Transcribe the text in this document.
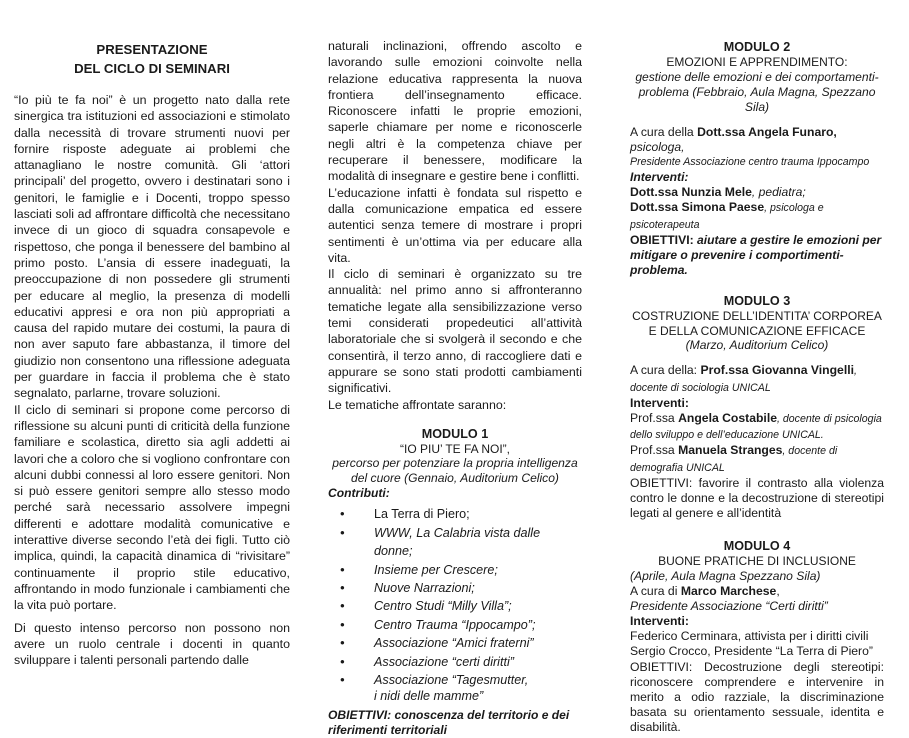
PRESENTAZIONE
DEL CICLO DI SEMINARI

“Io più te fa noi” è un progetto nato dalla rete sinergica tra istituzioni ed associazioni e stimolato dalla necessità di trovare strumenti nuovi per fornire risposte adeguate ai problemi che attanagliano le nostre comunità. Gli ‘attori principali’ del progetto, ovvero i destinatari sono i genitori, le famiglie e i Docenti, troppo spesso lasciati soli ad affrontare difficoltà che necessitano invece di un gioco di squadra consapevole e rispettoso, che ponga il benessere del bambino al primo posto. L’ansia di essere inadeguati, la preoccupazione di non possedere gli strumenti per educare al meglio, la presenza di modelli educativi appresi e ora non più appropriati a causa del rapido mutare dei costumi, la paura di non aver saputo fare abbastanza, il timore del giudizio non consentono una riflessione adeguata per guardare in faccia il problema che è stato segnalato, parlarne, trovare soluzioni.

Il ciclo di seminari si propone come percorso di riflessione su alcuni punti di criticità della funzione familiare e scolastica, diretto sia agli addetti ai lavori che a coloro che si vogliono confrontare con alcuni dubbi connessi al loro essere genitori. Non si può essere genitori sempre allo stesso modo perché sarà necessario assolvere impegni differenti e adottare modalità comunicative e interattive diverse secondo l’età dei figli. Tutto ciò implica, quindi, la capacità dinamica di “rivisitare” continuamente il proprio stile educativo, affrontando in modo funzionale i cambiamenti che la vita può portare.

Di questo intenso percorso non possono non avere un ruolo centrale i docenti in quanto sviluppare i talenti personali partendo dalle

naturali inclinazioni, offrendo ascolto e lavorando sulle emozioni coinvolte nella relazione educativa rappresenta la nuova frontiera dell’insegnamento efficace. Riconoscere infatti le proprie emozioni, saperle chiamare per nome e riconoscerle negli altri è la competenza chiave per recuperare il benessere, modificare la modalità di insegnare e gestire bene i conflitti.

L’educazione infatti è fondata sul rispetto e dalla comunicazione empatica ed essere autentici senza temere di mostrare i propri sentimenti è un’ottima via per educare alla vita.

Il ciclo di seminari è organizzato su tre annualità: nel primo anno si affronteranno tematiche legate alla sensibilizzazione verso temi considerati propedeutici all’attività laboratoriale che si svolgerà il secondo e che consentirà, il terzo anno, di raccogliere dati e appurare se sono stati prodotti cambiamenti significativi.

Le tematiche affrontate saranno:

MODULO 1
“IO PIU’ TE FA NOI”,
percorso per potenziare la propria intelligenza del cuore (Gennaio, Auditorium Celico)
Contributi:
• La Terra di Piero;
• WWW, La Calabria vista dalle donne;
• Insieme per Crescere;
• Nuove Narrazioni;
• Centro Studi “Milly Villa”;
• Centro Trauma “Ippocampo”;
• Associazione “Amici fraterni”
• Associazione “certi diritti”
• Associazione “Tagesmutter,
i nidi delle mamme”
OBIETTIVI: conoscenza del territorio e dei riferimenti territoriali
MODULO 2
EMOZIONI E APPRENDIMENTO:
gestione delle emozioni e dei comportamenti-problema (Febbraio, Aula Magna, Spezzano Sila)
A cura della Dott.ssa Angela Funaro, psicologa,
Presidente Associazione centro trauma Ippocampo
Interventi:
Dott.ssa Nunzia Mele, pediatra;
Dott.ssa Simona Paese, psicologa e psicoterapeuta
OBIETTIVI: aiutare a gestire le emozioni per mitigare o prevenire i comportimenti-problema.
MODULO 3
COSTRUZIONE DELL’IDENTITA’ CORPOREA
E DELLA COMUNICAZIONE EFFICACE
(Marzo, Auditorium Celico)
A cura della: Prof.ssa Giovanna Vingelli, docente di sociologia UNICAL
Interventi:
Prof.ssa Angela Costabile, docente di psicologia dello sviluppo e dell’educazione UNICAL.
Prof.ssa Manuela Stranges, docente di demografia UNICAL
OBIETTIVI: favorire il contrasto alla violenza contro le donne e la decostruzione di stereotipi legati al genere e all’identità
MODULO 4
BUONE PRATICHE DI INCLUSIONE
(Aprile, Aula Magna Spezzano Sila)
A cura di Marco Marchese,
Presidente Associazione “Certi diritti”
Interventi:
Federico Cerminara, attivista per i diritti civili
Sergio Crocco, Presidente “La Terra di Piero”
OBIETTIVI: Decostruzione degli stereotipi: riconoscere comprendere e intervenire in merito a odio razziale, la discriminazione basata su orientamento sessuale, identita e disabilità.
